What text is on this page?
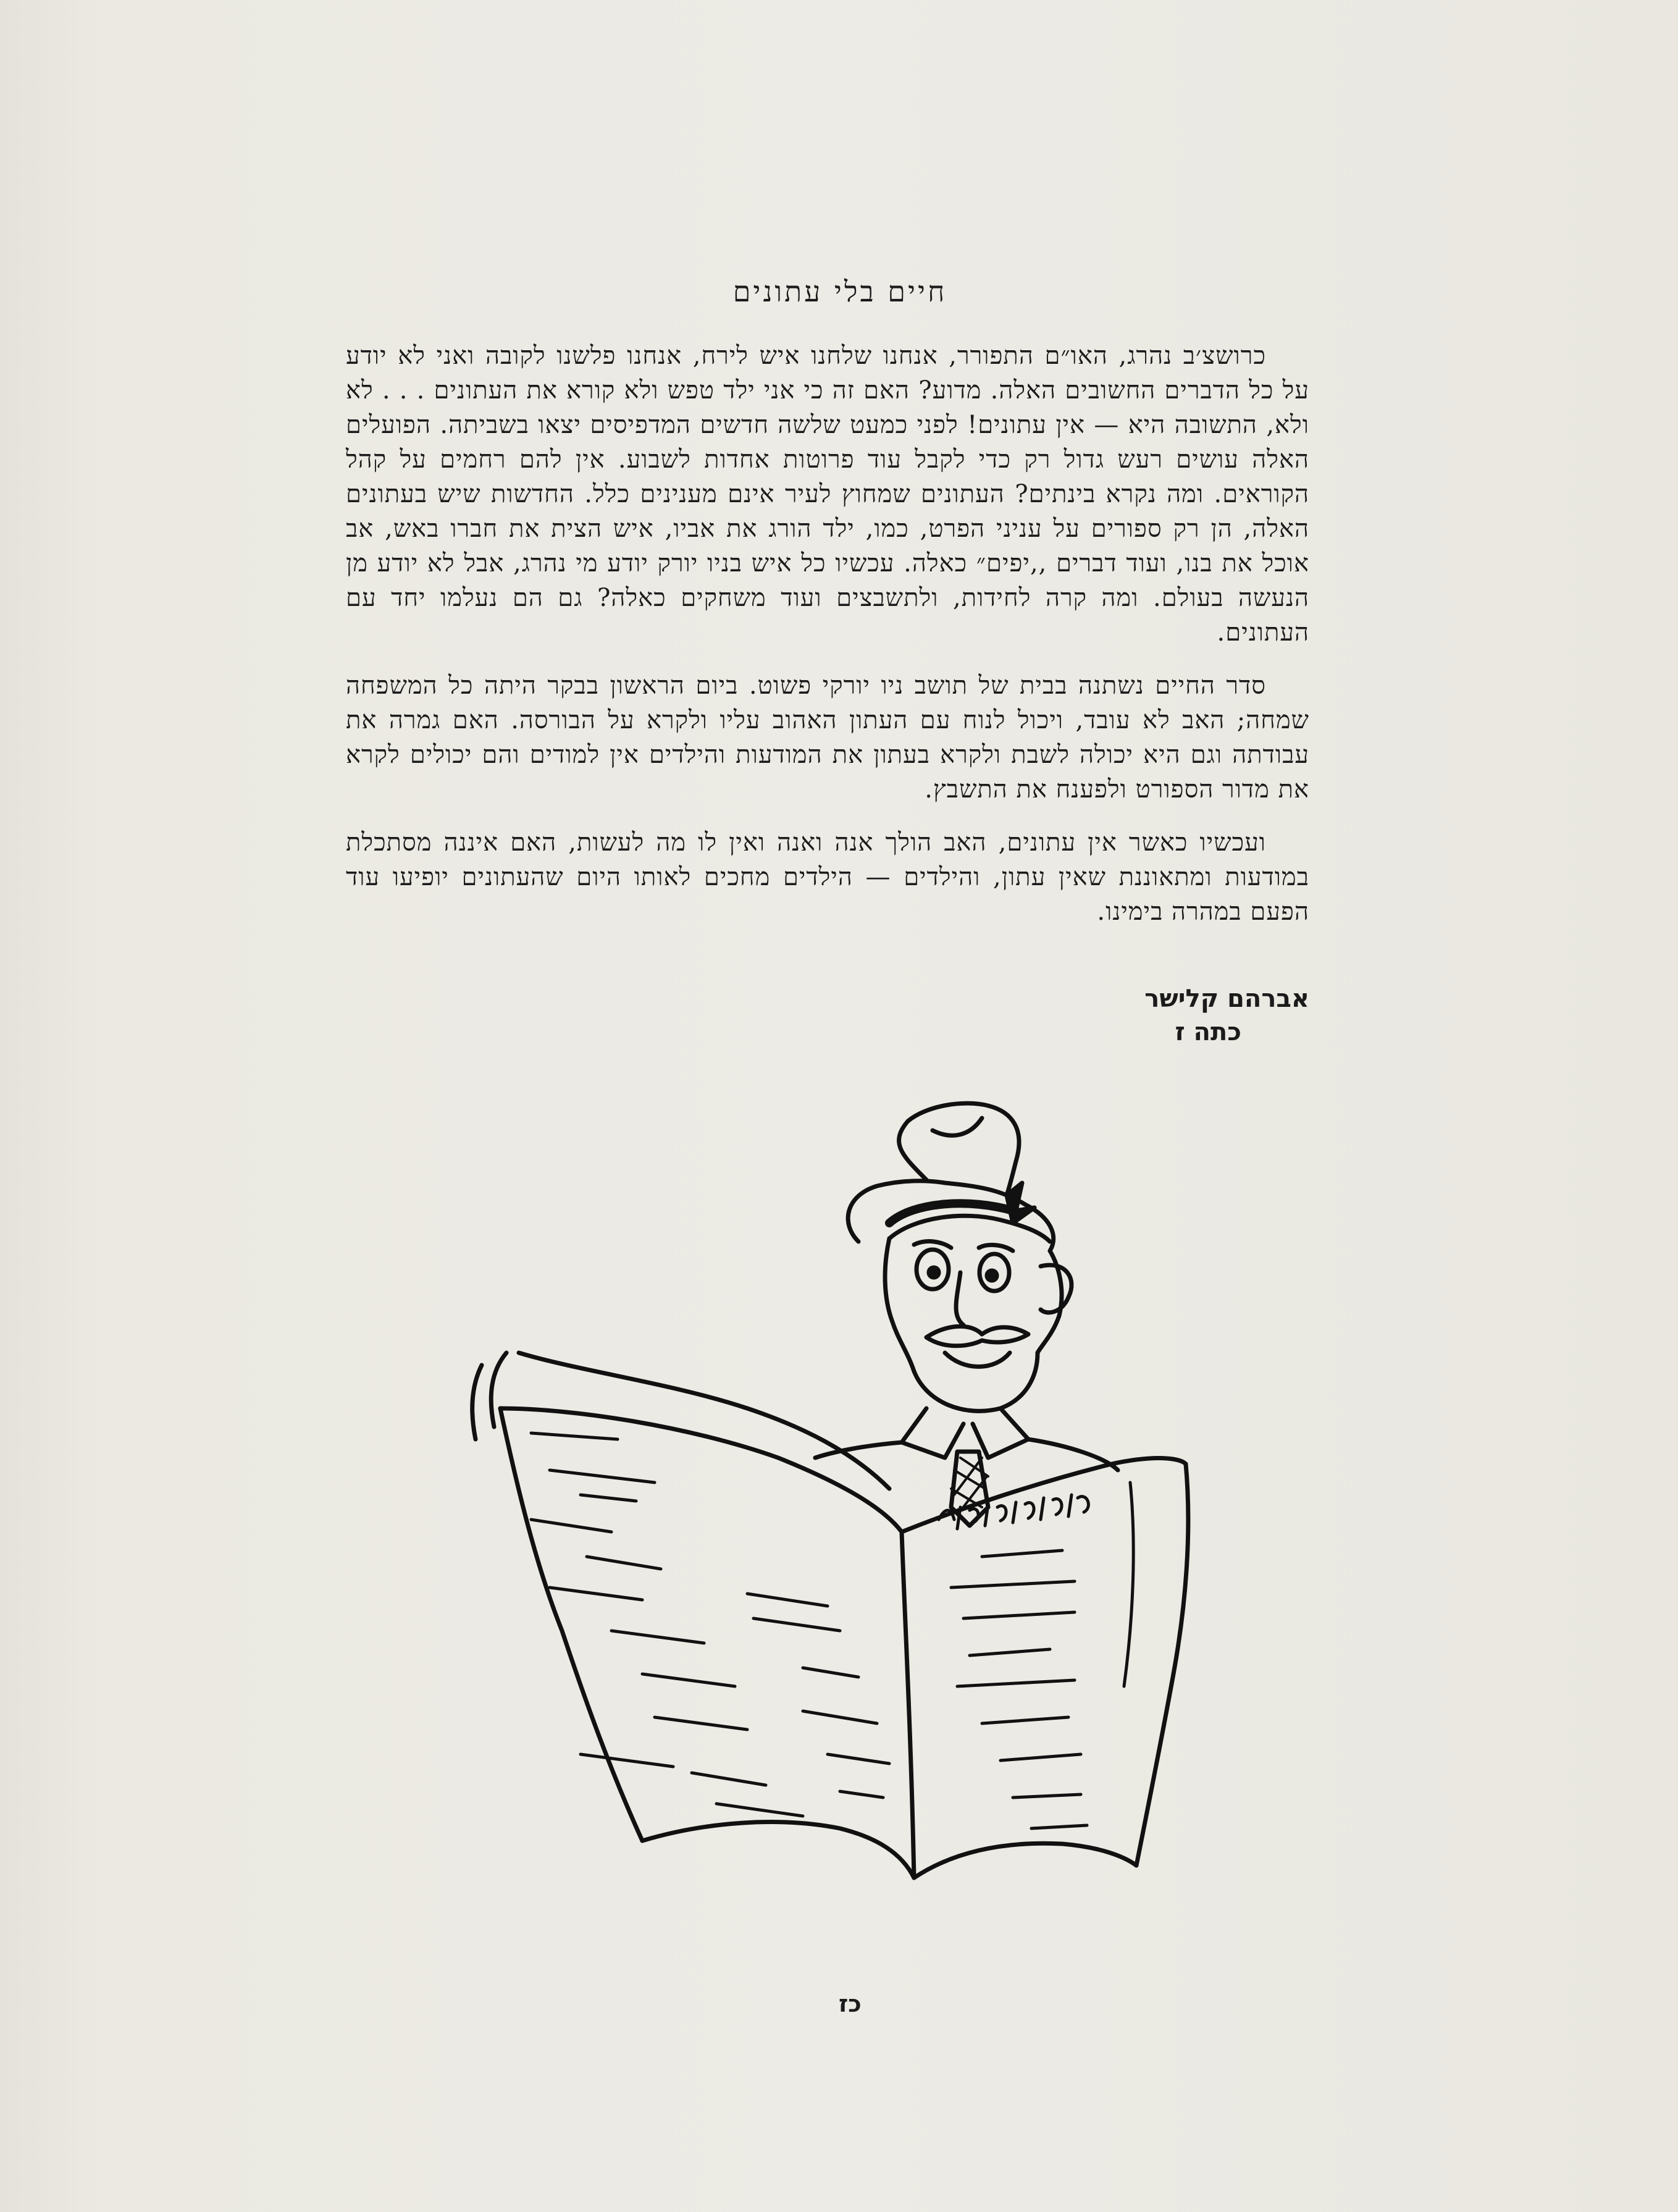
חיים בלי עתונים

כרושצ׳ב נהרג, האו״ם התפורר, אנחנו שלחנו איש לירח, אנחנו פלשנו לקובה ואני לא יודע על כל הדברים החשובים האלה. מדוע? האם זה כי אני ילד טפש ולא קורא את העתונים . . . לא ולא, התשובה היא — אין עתונים! לפני כמעט שלשה חדשים המדפיסים יצאו בשביתה. הפועלים האלה עושים רעש גדול רק כדי לקבל עוד פרוטות אחדות לשבוע. אין להם רחמים על קהל הקוראים. ומה נקרא בינתים? העתונים שמחוץ לעיר אינם מענינים כלל. החדשות שיש בעתונים האלה, הן רק ספורים על עניני הפרט, כמו, ילד הורג את אביו, איש הצית את חברו באש, אב אוכל את בנו, ועוד דברים ,,יפים״ כאלה. עכשיו כל איש בניו יורק יודע מי נהרג, אבל לא יודע מן הנעשה בעולם. ומה קרה לחידות, ולתשבצים ועוד משחקים כאלה? גם הם נעלמו יחד עם העתונים.

סדר החיים נשתנה בבית של תושב ניו יורקי פשוט. ביום הראשון בבקר היתה כל המשפחה שמחה; האב לא עובד, ויכול לנוח עם העתון האהוב עליו ולקרא על הבורסה. האם גמרה את עבודתה וגם היא יכולה לשבת ולקרא בעתון את המודעות והילדים אין למודים והם יכולים לקרא את מדור הספורט ולפענח את התשבץ.

ועכשיו כאשר אין עתונים, האב הולך אנה ואנה ואין לו מה לעשות, האם איננה מסתכלת במודעות ומתאוננת שאין עתון, והילדים — הילדים מחכים לאותו היום שהעתונים יופיעו עוד הפעם במהרה בימינו.

אברהם קלישר
כתה ז
כז
